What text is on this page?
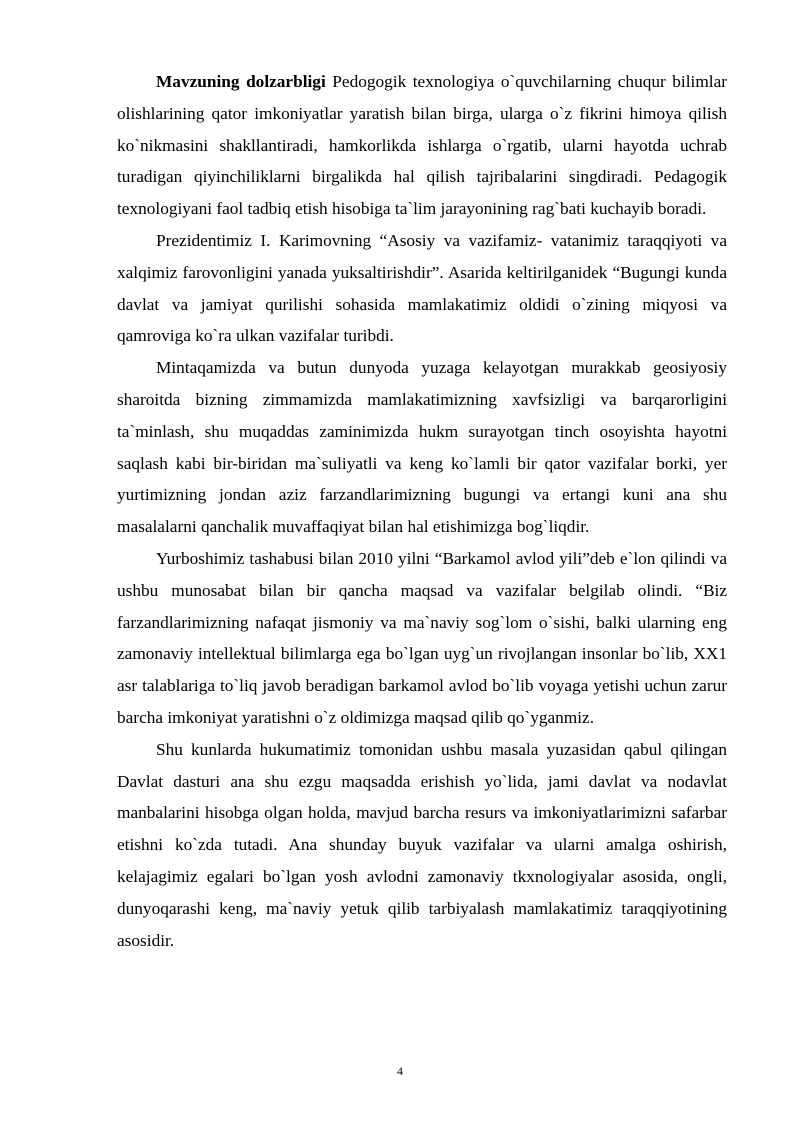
Mavzuning dolzarbligi Pedogogik texnologiya o`quvchilarning chuqur bilimlar olishlarining qator imkoniyatlar yaratish bilan birga, ularga o`z fikrini himoya qilish ko`nikmasini shakllantiradi, hamkorlikda ishlarga o`rgatib, ularni hayotda uchrab turadigan qiyinchiliklarni birgalikda hal qilish tajribalarini singdiradi. Pedagogik texnologiyani faol tadbiq etish hisobiga ta`lim jarayonining rag`bati kuchayib boradi.

Prezidentimiz I. Karimovning “Asosiy va vazifamiz- vatanimiz taraqqiyoti va xalqimiz farovonligini yanada yuksaltirishdir”. Asarida keltirilganidek “Bugungi kunda davlat va jamiyat qurilishi sohasida mamlakatimiz oldidi o`zining miqyosi va qamroviga ko`ra ulkan vazifalar turibdi.

Mintaqamizda va butun dunyoda yuzaga kelayotgan murakkab geosiyosiy sharoitda bizning zimmamizda mamlakatimizning xavfsizligi va barqarorligini ta`minlash, shu muqaddas zaminimizda hukm surayotgan tinch osoyishta hayotni saqlash kabi bir-biridan ma`suliyatli va keng ko`lamli bir qator vazifalar borki, yer yurtimizning jondan aziz farzandlarimizning bugungi va ertangi kuni ana shu masalalarni qanchalik muvaffaqiyat bilan hal etishimizga bog`liqdir.

Yurboshimiz tashabusi bilan 2010 yilni “Barkamol avlod yili”deb e`lon qilindi va ushbu munosabat bilan bir qancha maqsad va vazifalar belgilab olindi. “Biz farzandlarimizning nafaqat jismoniy va ma`naviy sog`lom o`sishi, balki ularning eng zamonaviy intellektual bilimlarga ega bo`lgan uyg`un rivojlangan insonlar bo`lib, XX1 asr talablariga to`liq javob beradigan barkamol avlod bo`lib voyaga yetishi uchun zarur barcha imkoniyat yaratishni o`z oldimizga maqsad qilib qo`yganmiz.

Shu kunlarda hukumatimiz tomonidan ushbu masala yuzasidan qabul qilingan Davlat dasturi ana shu ezgu maqsadda erishish yo`lida, jami davlat va nodavlat manbalarini hisobga olgan holda, mavjud barcha resurs va imkoniyatlarimizni safarbar etishni ko`zda tutadi. Ana shunday buyuk vazifalar va ularni amalga oshirish, kelajagimiz egalari bo`lgan yosh avlodni zamonaviy tkxnologiyalar asosida, ongli, dunyoqarashi keng, ma`naviy yetuk qilib tarbiyalash mamlakatimiz taraqqiyotining asosidir.

4
